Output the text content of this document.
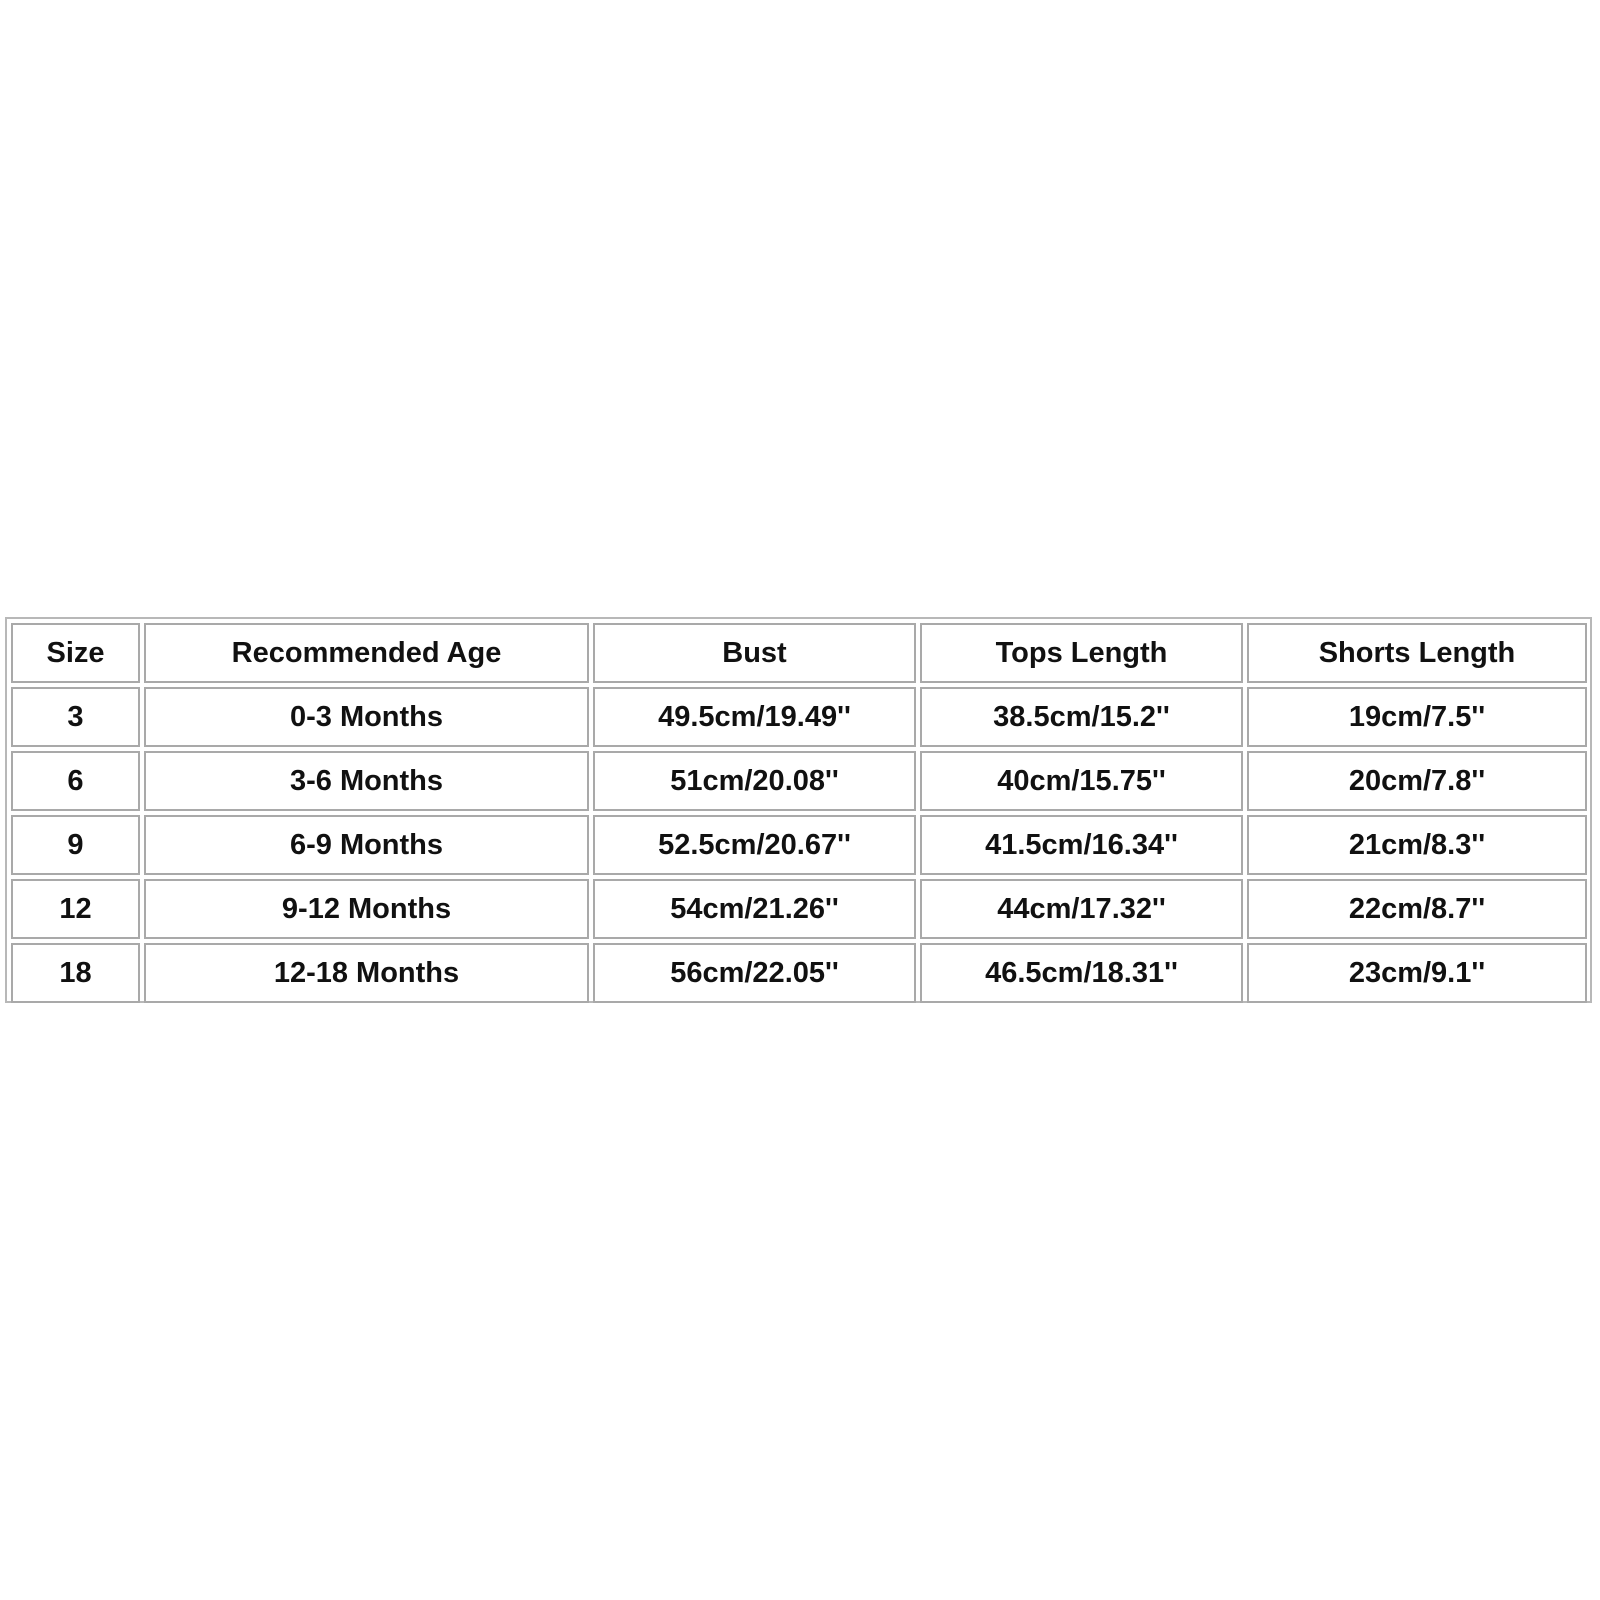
Size	Recommended Age	Bust	Tops Length	Shorts Length
3	0-3 Months	49.5cm/19.49''	38.5cm/15.2''	19cm/7.5''
6	3-6 Months	51cm/20.08''	40cm/15.75''	20cm/7.8''
9	6-9 Months	52.5cm/20.67''	41.5cm/16.34''	21cm/8.3''
12	9-12 Months	54cm/21.26''	44cm/17.32''	22cm/8.7''
18	12-18 Months	56cm/22.05''	46.5cm/18.31''	23cm/9.1''
